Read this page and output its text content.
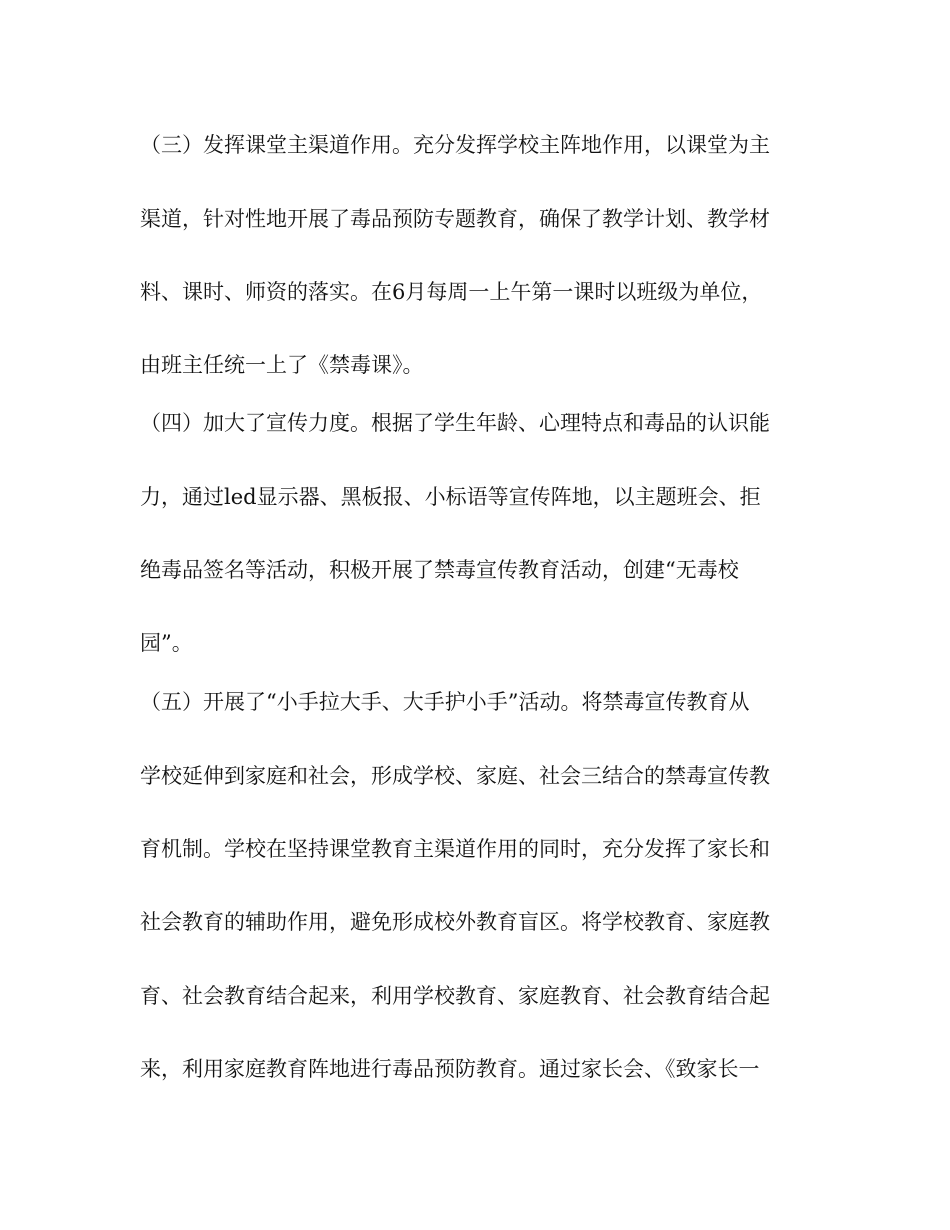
（三）发挥课堂主渠道作用。充分发挥学校主阵地作用，以课堂为主
渠道，针对性地开展了毒品预防专题教育，确保了教学计划、教学材
料、课时、师资的落实。在6月每周一上午第一课时以班级为单位，
由班主任统一上了《禁毒课》。
（四）加大了宣传力度。根据了学生年龄、心理特点和毒品的认识能
力，通过led显示器、黑板报、小标语等宣传阵地，以主题班会、拒
绝毒品签名等活动，积极开展了禁毒宣传教育活动，创建“无毒校
园”。
（五）开展了“小手拉大手、大手护小手”活动。将禁毒宣传教育从
学校延伸到家庭和社会，形成学校、家庭、社会三结合的禁毒宣传教
育机制。学校在坚持课堂教育主渠道作用的同时，充分发挥了家长和
社会教育的辅助作用，避免形成校外教育盲区。将学校教育、家庭教
育、社会教育结合起来，利用学校教育、家庭教育、社会教育结合起
来，利用家庭教育阵地进行毒品预防教育。通过家长会、《致家长一
